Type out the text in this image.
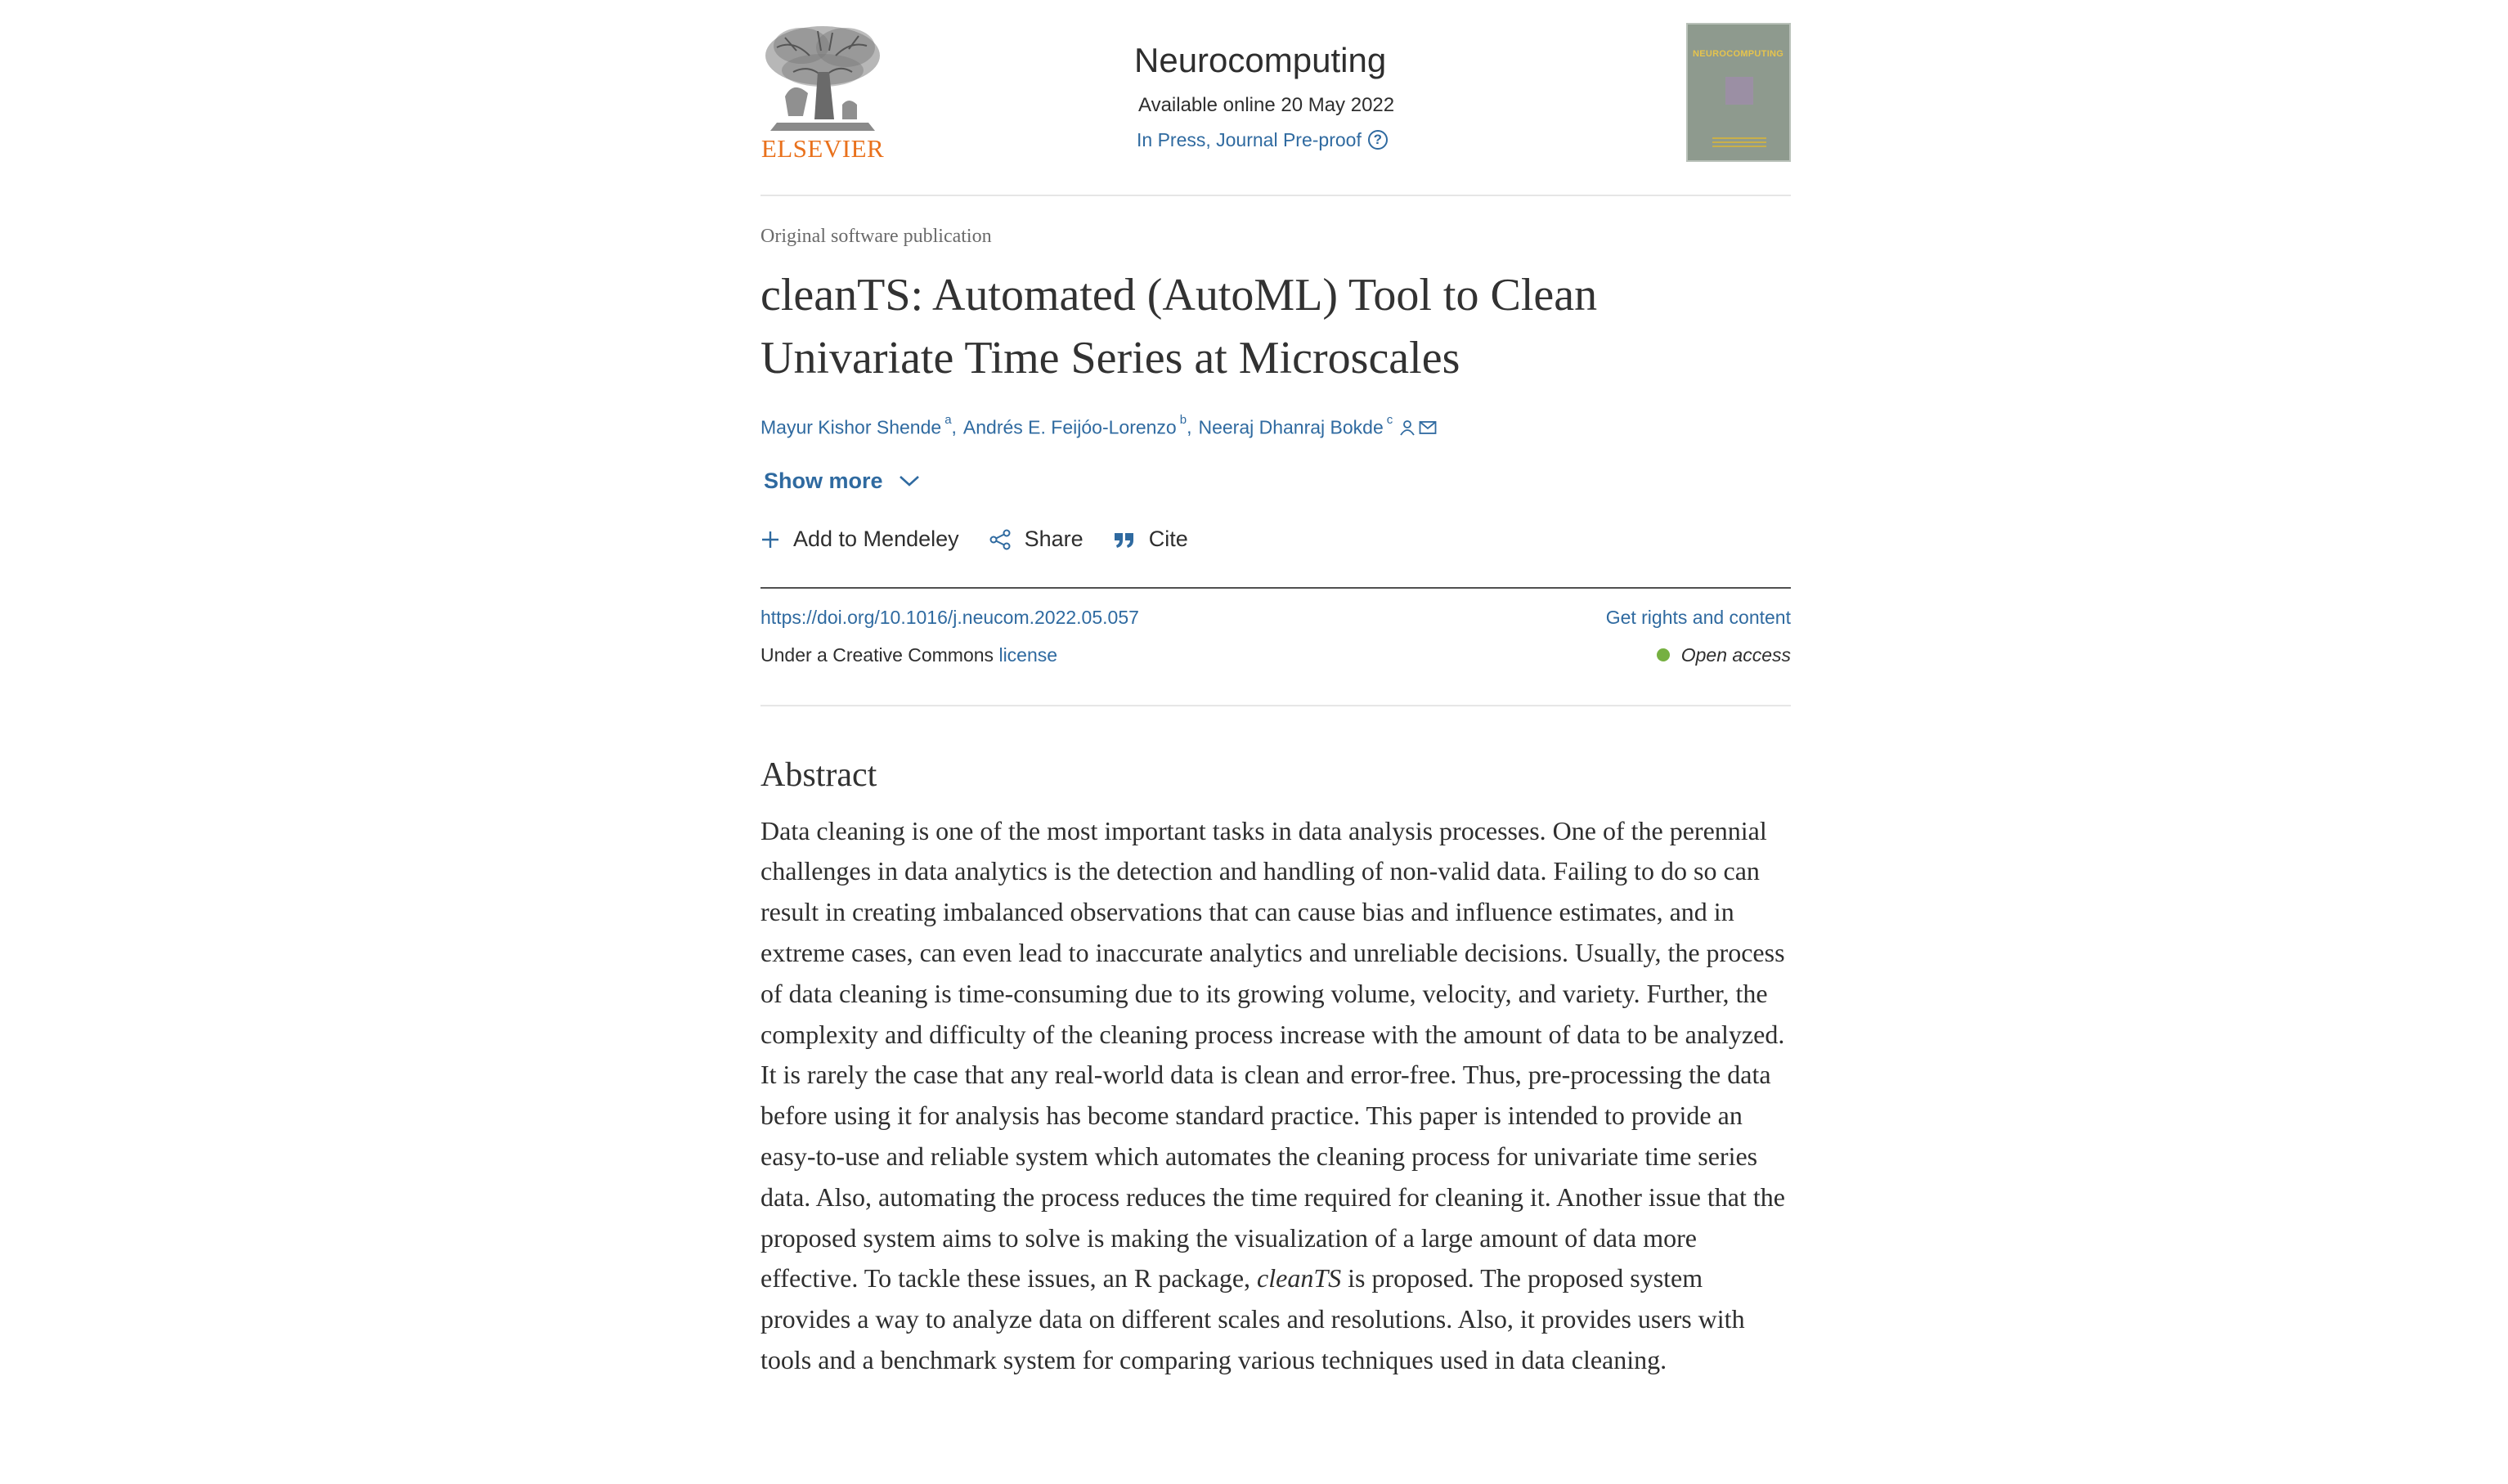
ELSEVIER
Neurocomputing
Available online 20 May 2022
In Press, Journal Pre-proof ?
NEUROCOMPUTING
Original software publication
cleanTS: Automated (AutoML) Tool to Clean Univariate Time Series at Microscales
Mayur Kishor Shende $^a$ , Andrés E. Feijóo-Lorenzo $^b$ , Neeraj Dhanraj Bokde $^c$
Show more
Add to Mendeley	Share	Cite
https://doi.org/10.1016/j.neucom.2022.05.057
Under a Creative Commons license
Get rights and content
Open access
Abstract
Data cleaning is one of the most important tasks in data analysis processes. One of the perennial challenges in data analytics is the detection and handling of non-valid data. Failing to do so can result in creating imbalanced observations that can cause bias and influence estimates, and in extreme cases, can even lead to inaccurate analytics and unreliable decisions. Usually, the process of data cleaning is time-consuming due to its growing volume, velocity, and variety. Further, the complexity and difficulty of the cleaning process increase with the amount of data to be analyzed. It is rarely the case that any real-world data is clean and error-free. Thus, pre-processing the data before using it for analysis has become standard practice. This paper is intended to provide an easy-to-use and reliable system which automates the cleaning process for univariate time series data. Also, automating the process reduces the time required for cleaning it. Another issue that the proposed system aims to solve is making the visualization of a large amount of data more effective. To tackle these issues, an R package, cleanTS is proposed. The proposed system provides a way to analyze data on different scales and resolutions. Also, it provides users with tools and a benchmark system for comparing various techniques used in data cleaning.
